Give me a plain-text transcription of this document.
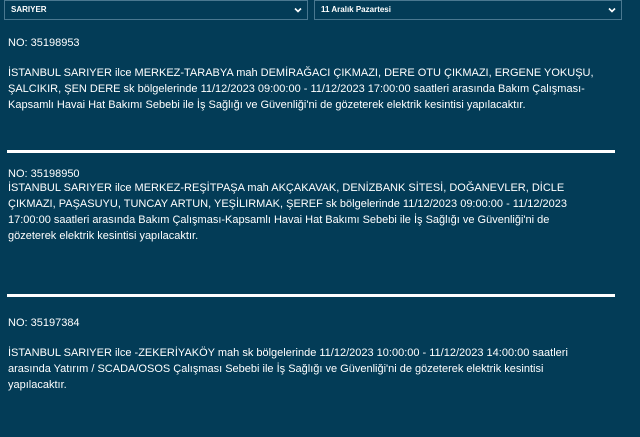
SARIYER	11 Aralık Pazartesi

NO: 35198953

İSTANBUL SARIYER ilce MERKEZ-TARABYA mah DEMİRAĞACI ÇIKMAZI, DERE OTU ÇIKMAZI, ERGENE YOKUŞU,
ŞALCIKIR, ŞEN DERE sk bölgelerinde 11/12/2023 09:00:00 - 11/12/2023 17:00:00 saatleri arasında Bakım Çalışması-
Kapsamlı Havai Hat Bakımı Sebebi ile İş Sağlığı ve Güvenliği'ni de gözeterek elektrik kesintisi yapılacaktır.

NO: 35198950

İSTANBUL SARIYER ilce MERKEZ-REŞİTPAŞA mah AKÇAKAVAK, DENİZBANK SİTESİ, DOĞANEVLER, DİCLE
ÇIKMAZI, PAŞASUYU, TUNCAY ARTUN, YEŞİLIRMAK, ŞEREF sk bölgelerinde 11/12/2023 09:00:00 - 11/12/2023
17:00:00 saatleri arasında Bakım Çalışması-Kapsamlı Havai Hat Bakımı Sebebi ile İş Sağlığı ve Güvenliği'ni de
gözeterek elektrik kesintisi yapılacaktır.

NO: 35197384

İSTANBUL SARIYER ilce -ZEKERİYAKÖY mah sk bölgelerinde 11/12/2023 10:00:00 - 11/12/2023 14:00:00 saatleri
arasında Yatırım / SCADA/OSOS Çalışması Sebebi ile İş Sağlığı ve Güvenliği'ni de gözeterek elektrik kesintisi
yapılacaktır.
